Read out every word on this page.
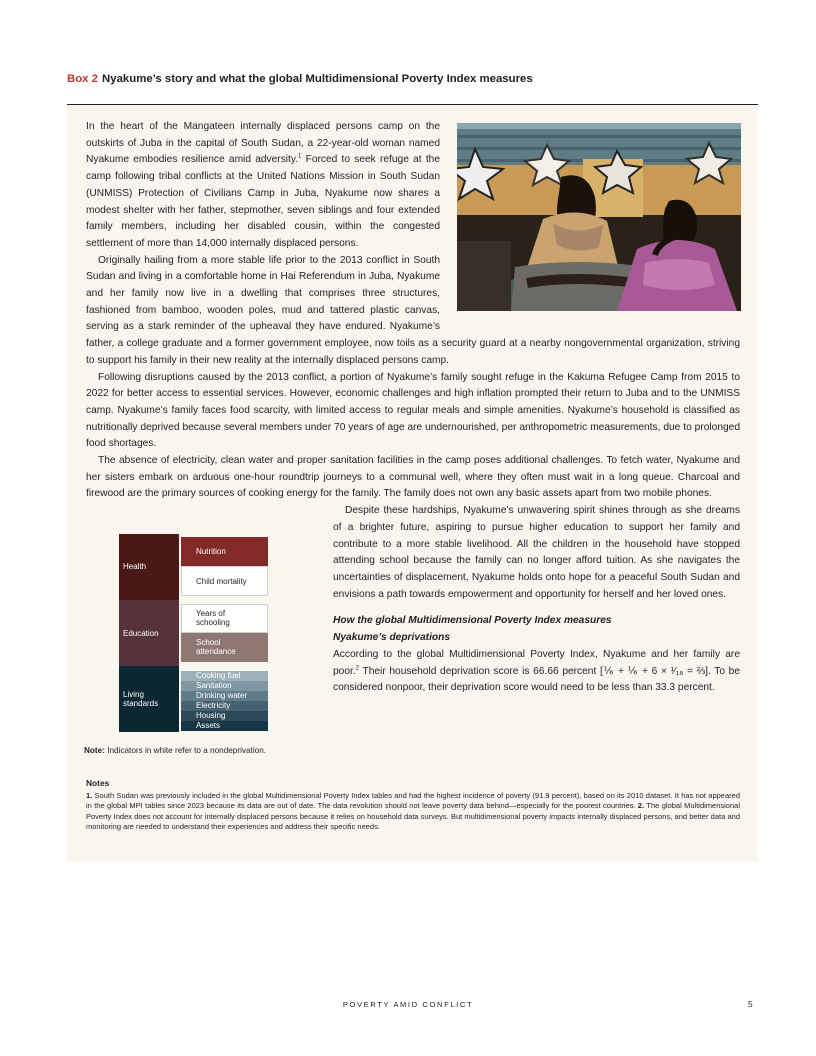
Box 2 Nyakume’s story and what the global Multidimensional Poverty Index measures

In the heart of the Mangateen internally displaced persons camp on the outskirts of Juba in the capital of South Sudan, a 22-year-old woman named Nyakume embodies resilience amid adversity.$^1$ Forced to seek refuge at the camp following tribal conflicts at the United Nations Mission in South Sudan (UNMISS) Protection of Civilians Camp in Juba, Nyakume now shares a modest shelter with her father, stepmother, seven siblings and four extended family members, including her disabled cousin, within the congested settlement of more than 14,000 internally displaced persons.

Originally hailing from a more stable life prior to the 2013 conflict in South Sudan and living in a comfortable home in Hai Referendum in Juba, Nyakume and her family now live in a dwelling that comprises three structures, fashioned from bamboo, wooden poles, mud and tattered plastic canvas, serving as a stark reminder of the upheaval they have endured. Nyakume’s father, a college graduate and a former government employee, now toils as a security guard at a nearby nongovernmental organization, striving to support his family in their new reality at the internally displaced persons camp.

Following disruptions caused by the 2013 conflict, a portion of Nyakume’s family sought refuge in the Kakuma Refugee Camp from 2015 to 2022 for better access to essential services. However, economic challenges and high inflation prompted their return to Juba and to the UNMISS camp. Nyakume’s family faces food scarcity, with limited access to regular meals and simple amenities. Nyakume’s household is classified as nutritionally deprived because several members under 70 years of age are undernourished, per anthropometric measurements, due to prolonged food shortages.

The absence of electricity, clean water and proper sanitation facilities in the camp poses additional challenges. To fetch water, Nyakume and her sisters embark on arduous one-hour roundtrip journeys to a communal well, where they often must wait in a long queue. Charcoal and firewood are the primary sources of cooking energy for the family. The family does not own any basic assets apart from two mobile phones.

Despite these hardships, Nyakume’s unwavering spirit shines through as she dreams of a brighter future, aspiring to pursue higher education to support her family and contribute to a more stable livelihood. All the children in the household have stopped attending school because the family can no longer afford tuition. As she navigates the uncertainties of displacement, Nyakume holds onto hope for a peaceful South Sudan and envisions a path towards empowerment and opportunity for herself and her loved ones.

How the global Multidimensional Poverty Index measures
Nyakume’s deprivations

According to the global Multidimensional Poverty Index, Nyakume and her family are poor.$^2$ Their household deprivation score is 66.66 percent [⅙ + ⅙ + 6 × ¹⁄₁₈ = ⅔]. To be considered nonpoor, their deprivation score would need to be less than 33.3 percent.

Health
Education
Living standards
Nutrition
Child mortality
Years of schooling
School attendance
Cooking fuel
Sanitation
Drinking water
Electricity
Housing
Assets
Note: Indicators in white refer to a nondeprivation.
Notes

1. South Sudan was previously included in the global Multidimensional Poverty Index tables and had the highest incidence of poverty (91.9 percent), based on its 2010 dataset. It has not appeared in the global MPI tables since 2023 because its data are out of date. The data revolution should not leave poverty data behind—especially for the poorest countries. 2. The global Multidimensional Poverty Index does not account for internally displaced persons because it relies on household data surveys. But multidimensional poverty impacts internally displaced persons, and better data and monitoring are needed to understand their experiences and address their specific needs.

POVERTY AMID CONFLICT	5
